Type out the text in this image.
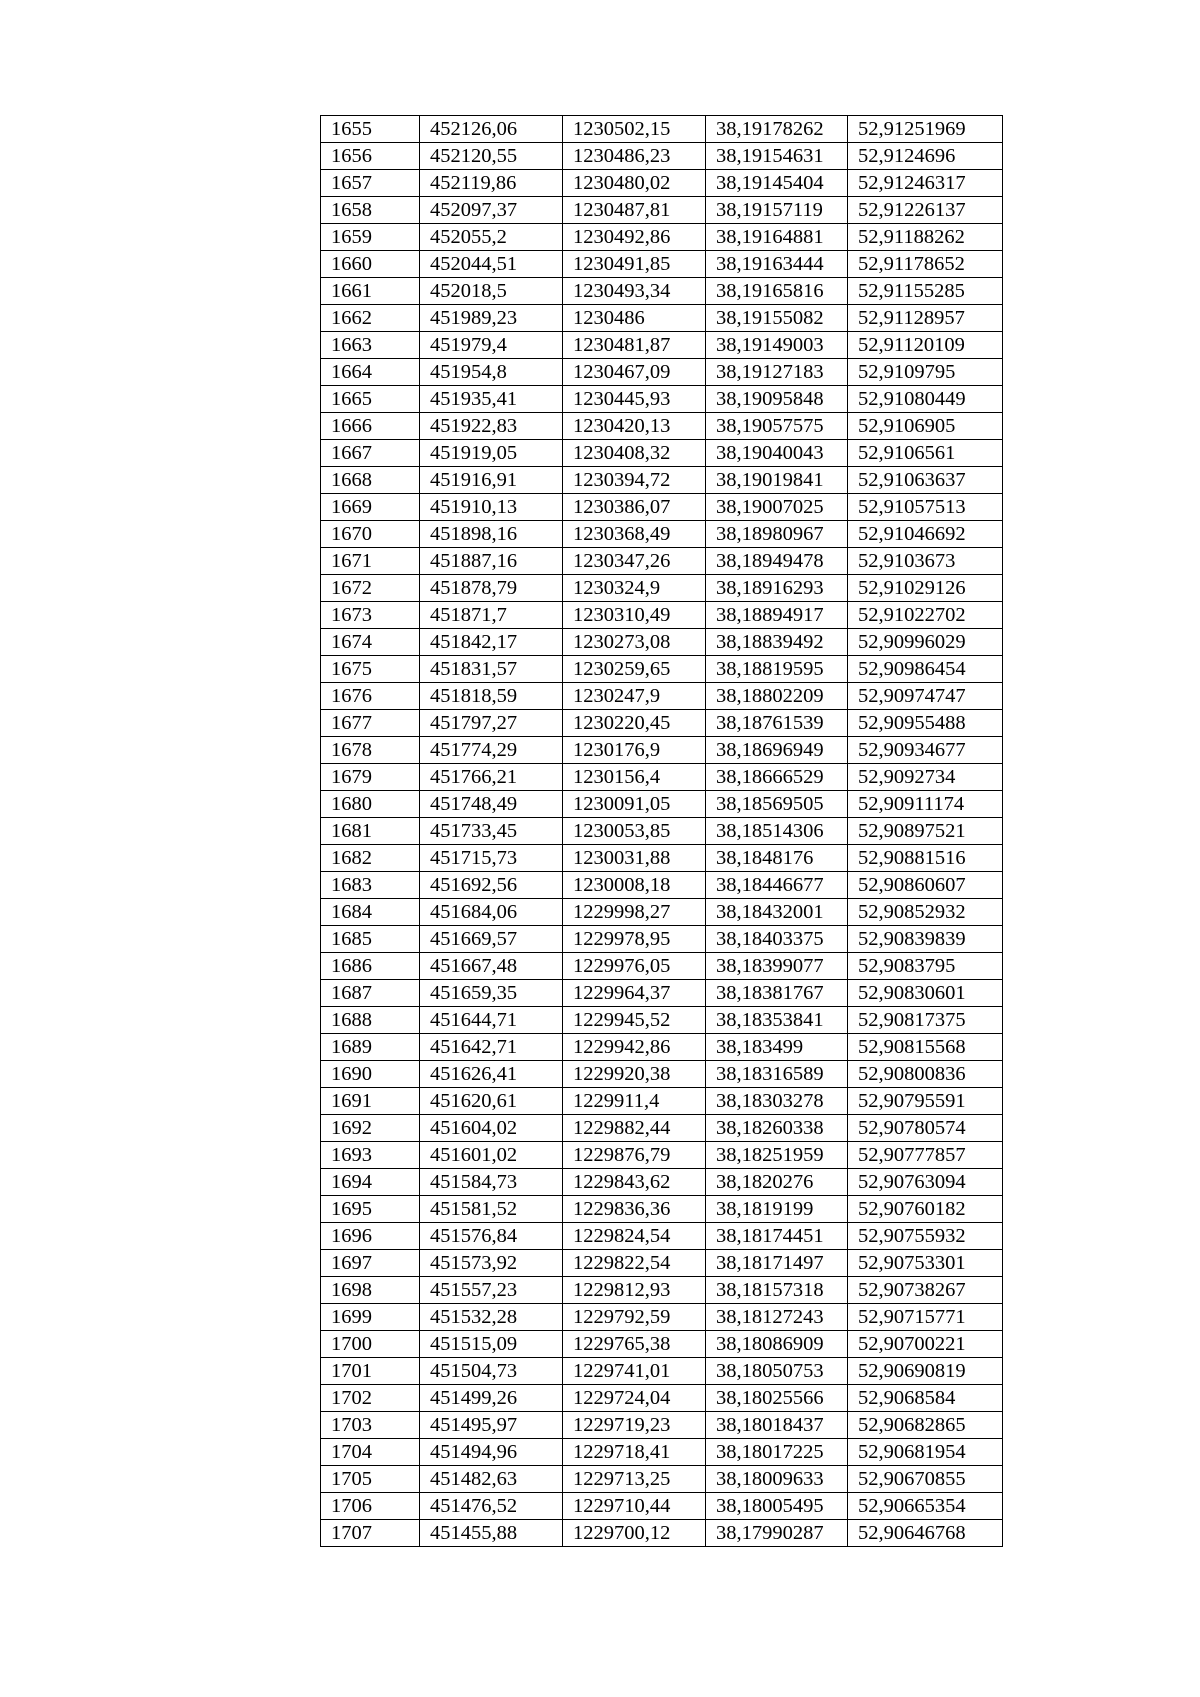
1655	452126,06	1230502,15	38,19178262	52,91251969
1656	452120,55	1230486,23	38,19154631	52,9124696
1657	452119,86	1230480,02	38,19145404	52,91246317
1658	452097,37	1230487,81	38,19157119	52,91226137
1659	452055,2	1230492,86	38,19164881	52,91188262
1660	452044,51	1230491,85	38,19163444	52,91178652
1661	452018,5	1230493,34	38,19165816	52,91155285
1662	451989,23	1230486	38,19155082	52,91128957
1663	451979,4	1230481,87	38,19149003	52,91120109
1664	451954,8	1230467,09	38,19127183	52,9109795
1665	451935,41	1230445,93	38,19095848	52,91080449
1666	451922,83	1230420,13	38,19057575	52,9106905
1667	451919,05	1230408,32	38,19040043	52,9106561
1668	451916,91	1230394,72	38,19019841	52,91063637
1669	451910,13	1230386,07	38,19007025	52,91057513
1670	451898,16	1230368,49	38,18980967	52,91046692
1671	451887,16	1230347,26	38,18949478	52,9103673
1672	451878,79	1230324,9	38,18916293	52,91029126
1673	451871,7	1230310,49	38,18894917	52,91022702
1674	451842,17	1230273,08	38,18839492	52,90996029
1675	451831,57	1230259,65	38,18819595	52,90986454
1676	451818,59	1230247,9	38,18802209	52,90974747
1677	451797,27	1230220,45	38,18761539	52,90955488
1678	451774,29	1230176,9	38,18696949	52,90934677
1679	451766,21	1230156,4	38,18666529	52,9092734
1680	451748,49	1230091,05	38,18569505	52,90911174
1681	451733,45	1230053,85	38,18514306	52,90897521
1682	451715,73	1230031,88	38,1848176	52,90881516
1683	451692,56	1230008,18	38,18446677	52,90860607
1684	451684,06	1229998,27	38,18432001	52,90852932
1685	451669,57	1229978,95	38,18403375	52,90839839
1686	451667,48	1229976,05	38,18399077	52,9083795
1687	451659,35	1229964,37	38,18381767	52,90830601
1688	451644,71	1229945,52	38,18353841	52,90817375
1689	451642,71	1229942,86	38,183499	52,90815568
1690	451626,41	1229920,38	38,18316589	52,90800836
1691	451620,61	1229911,4	38,18303278	52,90795591
1692	451604,02	1229882,44	38,18260338	52,90780574
1693	451601,02	1229876,79	38,18251959	52,90777857
1694	451584,73	1229843,62	38,1820276	52,90763094
1695	451581,52	1229836,36	38,1819199	52,90760182
1696	451576,84	1229824,54	38,18174451	52,90755932
1697	451573,92	1229822,54	38,18171497	52,90753301
1698	451557,23	1229812,93	38,18157318	52,90738267
1699	451532,28	1229792,59	38,18127243	52,90715771
1700	451515,09	1229765,38	38,18086909	52,90700221
1701	451504,73	1229741,01	38,18050753	52,90690819
1702	451499,26	1229724,04	38,18025566	52,9068584
1703	451495,97	1229719,23	38,18018437	52,90682865
1704	451494,96	1229718,41	38,18017225	52,90681954
1705	451482,63	1229713,25	38,18009633	52,90670855
1706	451476,52	1229710,44	38,18005495	52,90665354
1707	451455,88	1229700,12	38,17990287	52,90646768
